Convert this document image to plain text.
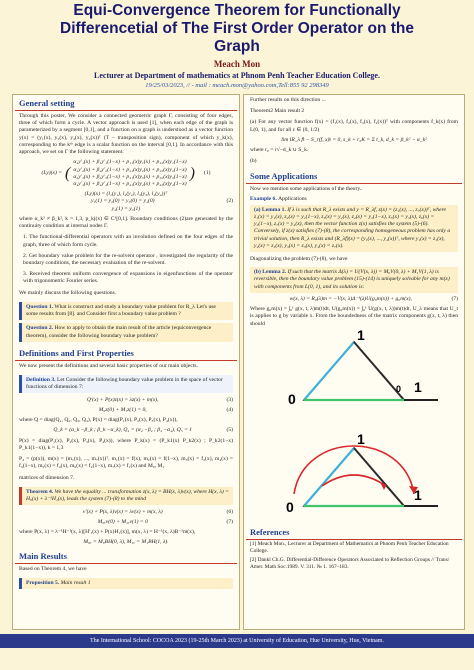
Equi-Convergence Theorem for Functionally
Differencetial of The First Order Operator on the
Graph
Meach Mon
Lecturer at Department of mathematics at Phnom Penh Teacher Education College.
19/25/03/2023, // - mail : meach.mon@yahoo.com,Tell:855 92 298349
General setting
Through this poster, We consider a connected geometric graph Γ, consisting of four edges, three of which form a cycle. A vector approach is used [1], when each edge of the graph is parameterized by a segment [0,1], and a function on a graph is understood as a vector function y(x) = (y₁(x), y₂(x), y₃(x), y₄(x))ᵀ (T – transposition sign), component of which y_k(x), corresponding to the kᵗʰ edge is a scalar function on the interval [0,1]. In accordance with this approach, we set on Γ the following statement:
(Ly)(x) = (
α₁y′₁(x) + β₁y′₁(1−x) + p₁₁(x)y₁(x) + p₁₂(x)y₁(1−x)
α₂y′₂(x) + β₂y′₂(1−x) + p₂₁(x)y₂(x) + p₂₂(x)y₂(1−x)
α₃y′₃(x) + β₃y′₃(1−x) + p₃₁(x)y₃(x) + p₃₂(x)y₃(1−x)
α₄y′₄(x) + β₄y′₄(1−x) + p₄₁(x)y₄(x) + p₄₂(x)y₄(1−x)
) (1)
(Ly)(x) = (l₁(y₁), l₂(y₂), l₃(y₃), l₄(y₄))ᵀ
y₁(1) = y₂(0) = y₃(0) = y₄(0)	(2)
y₂(1) = y₃(1)
where α_k² ≠ β_k², k = 1,3, p_kj(x) ∈ C¹[0,1]. Boundary conditions (2)are generated by the continuity condition at internal nodes Γ.
1. The functional-differential operators with an involution defined on the four edges of the graph, three of which form cycle.
2. Get boundary value problem for the re-solvent operator , investigated the regularity of the boundary conditions, the necessary evaluation of the re-solvent.
3. Received theorem uniform convergence of expansions in eigenfunctions of the operator with trigonometric Fourier series.
We mainly discuss the following questions.
Question 1. What is construct and study a boundary value problem for R_λ Let's use some results from [8]. and Consider first a boundary value problem ?
Question 2. How to apply to obtain the main result of the article (equiconvergence theorem), consider the following boundary value problem?
Definitions and First Properties
We now present the definitions and several basic properties of our main objects.
Definition 3. Let Consider the following boundary value problem in the space of vector functions of dimension 7:
Q′(x) + P(x)z(x) = λz(x) + m(x),	(3)
M₀z(0) + M₁z(1) = 0,	(4)
where Q = diag(Q₁, Q₂, Q₃, Q₄), P(x) = diag(P₁(x), P₂(x), P₃(x), P₄(x)),
Q_k = (α_k −β_k ; β_k −α_k), Q₄ = (α₄ −β₄ ; β₄ −α₄), Q₅ = 1	(5)
P(x) = diag(P₁(x), P₂(x), P₃(x), P₄(x)), where P_k(x) = (P_k1(x) P_k2(x) ; P_k2(1−x) P_k1(1−x)), k = 1,3
P₄ = (p(x)), m(x) = (m₁(x), ..., m₇(x))ᵀ, m₁(x) = f(x), m₂(x) = f(1−x), m₃(x) = f₂(x), m₄(x) = f₃(1−x), m₅(x) = f₄(x), m₆(x) = f₄(1−x), m₇(x) = f₁(x) and M₀, M₁
matrices of dimension 7.
Theorem 4. We have the equality ... transformation z(x, λ) = BH(x, λ)v(x), where H(x, λ) = H₀(x) + λ⁻¹H₁(x), leads the system (7)-(8) to the mind
v′(x) + P(x, λ)v(x) = λv(x) + m(x, λ)	(6)
M₀ₓv(0) + M₁ₓv(1) = 0	(7)
where P(x, λ) = λ⁻¹H⁻¹(x, λ)[H′₁(x) + P(x)H₁(x)], m(x, λ) = H⁻¹(x, λ)B⁻¹m(x),
M₀ₓ = M₀BH(0, λ), M₁ₓ = M₁BH(1, λ).
Main Results
Based on Theorem 4, we have
Proposition 5. Main result 1
Further results on this direction ...
Theorem2 Main result 2
(a) For any vector function f(x) = (f₁(x), f₂(x), f₃(x), f₄(x))ᵀ with components f_k(x) from L(0, 1), and for all ε ∈ (0, 1/2)
lim ‖R_λ f‖ − S_r(f, x)‖ = 0, s_k + r₀K = Σ t_k, d_k = β_k² − α_k²
where r₀ = r√−d_k ∪ S_k.
(b)
Some Applications
Now we mention some applications of the theory..
Example 6. Applications
(a) Lemma 1. If λ is such that R_λ exists and y = R_λf, z(x) = (z₁(x), ..., z₇(x))ᵀ, where z₁(x) = y₁(x), z₂(x) = y₁(1−x), z₃(x) = y₂(x), z₄(x) = y₂(1−x), z₅(x) = y₃(x), z₆(x) = y₃(1−x), z₇(x) = y₄(x), then the vector function z(x) satisfies the system (5)-(6). Conversely, if z(x) satisfies (7)-(8), the corresponding homogeneous problem has only a trivial solution, then R_λ exists and (R_λf)(x) = (y₁(x), ..., y₄(x))ᵀ, where y₁(x) = z₁(x), y₂(x) = z₃(x), y₃(x) = z₅(x), y₄(x) = z₇(x).
Diagonalizing the problem (7)-(8), we have
(b) Lemma 2. If such that the matrix Δ(λ) = U(V(x, λ)) = M₀V(0, λ) + M₁V(1, λ) is reversible, then the boundary value problem (15)-(14) is uniquely solvable for any m(x) with components from L(0, 1), and its solution is:
w(x, λ) = R₀(λ)m = −V(x, λ)Δ⁻¹(λ)U(g₀m(x)) + g₀m(x),	(7)
Where g₀m(x) = ∫₀¹ g(x, t, λ)m(t)dt, U(g₀m(x)) = ∫₀¹ U(g(x, t, λ))m(t)dt, U_λ means that U_t is applies to g by variable x. From the boundedness of the matrix components g(x, t, λ) then should
1
0
1
0
1
0
1
References
[1] Meach Mon., Lecturer at Department of Mathematics at Phnom Penh Teacher Education College.
[2] Dankl Ch.G. Differential-Difference Operators Associated to Reflection Groups // Trans/ Amer. Math Soc.1989. V. 311. № 1. 167–183.
The International School: COCOA 2023 (19-25th March 2023) at University of Education, Hue University, Hue, Vietnam.
